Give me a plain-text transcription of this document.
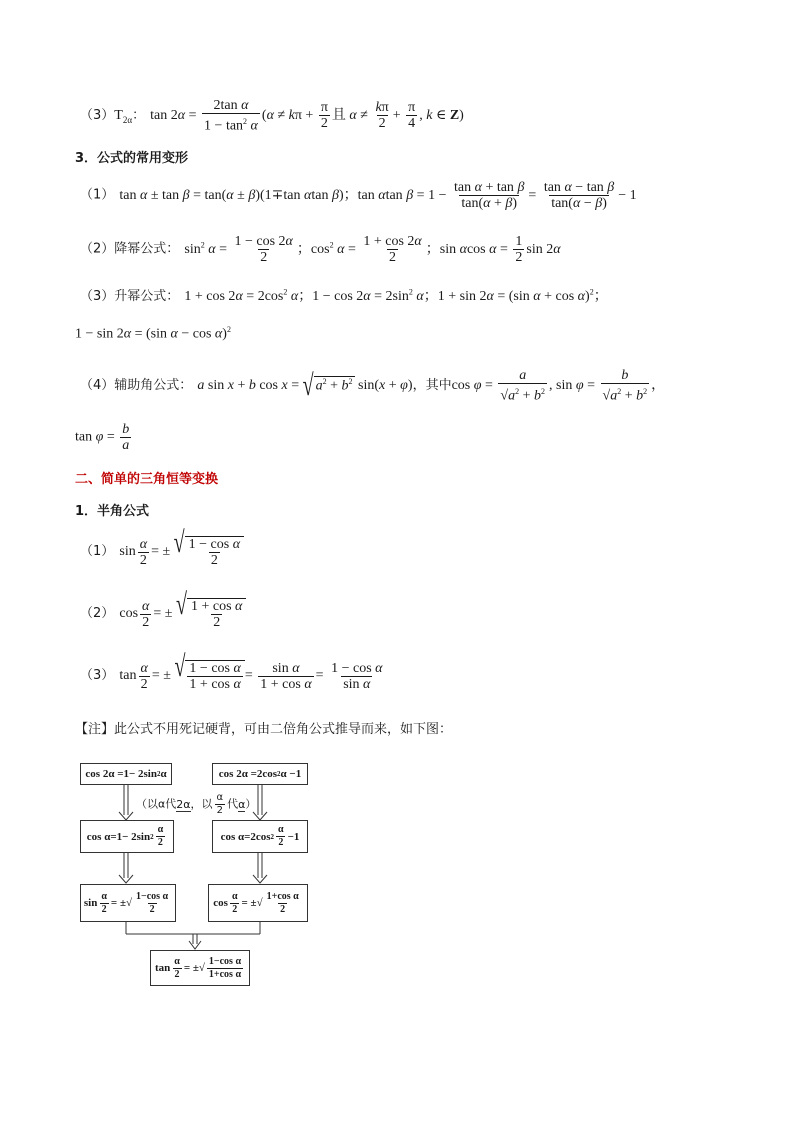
$(3)T_{2\alpha}$： $\tan 2\alpha = \frac{\text{2tan α}}{1 - \tan^2 \alpha} (\alpha \ne k\pi + \frac{\pi}{2}$ 且 $\alpha \ne \frac{k\pi}{2} + \frac{\pi}{4}$ , k ∈ Z)
3．公式的常用变形
（1） tan α ± tan β = tan(α ± β)(1∓tan αtan β)；tan αtan $\beta = 1 - \frac{\text{tan α + tan β}}{\tan(\alpha + \beta)} = \frac{\text{tan α − tan β}}{\tan(\alpha - \beta)} - 1$
（2）降幂公式： $\sin^2 \alpha = \frac{1 - \cos 2\alpha}{2}$ ；$\cos^2 \alpha = \frac{1 + \cos 2\alpha}{2}$ ；sin αcos $\alpha = \frac{1}{2}$ sin 2α
（3）升幂公式： $1 + \cos 2\alpha = 2\cos^2$ α；$1 - \cos 2\alpha = 2\sin^2$ α；1 + sin 2α = (sin α + cos α)$^2$；
1 − sin 2α = (sin α − cos α)$^2$
（4）辅助角公式： a sin x + b cos x = √ $a^2 + b^2$ sin(x + φ)，其中$\cos \varphi = \frac{a}{√a^2 + b^2}$ , $\sin \varphi = \frac{b}{√a^2 + b^2}$ ，
$\tan \varphi = \frac{b}{a}$
二、简单的三角恒等变换
1．半角公式
（1） $\sin \frac{\alpha}{2}$ = ± √ $\frac{\text{1 − cos α}}{2}$
（2） $\cos \frac{\alpha}{2}$ = ± √ $\frac{\text{1 + cos α}}{2}$
（3） $\tan \frac{\alpha}{2}$ = ± √ $\frac{\text{1 − cos α}}{\text{1 + cos α}} = \frac{\text{sin α}}{\text{1 + cos α}} = \frac{\text{1 − cos α}}{\text{sin α}}$
【注】此公式不用死记硬背，可由二倍角公式推导而来，如下图：
cos 2α =1− 2sin 2 α	cos 2α =2cos 2 α −1
（以α代2α，以 $\frac{\alpha}{2}$ 代α）
cos α=1− 2sin $2 \frac{\alpha}{2}$	cos α=2cos $2 \frac{\alpha}{2} -1$
$\sin \frac{\alpha}{2}$ = ±√ $\frac{\text{1−cos α}}{2}$	$\cos \frac{\alpha}{2}$ = ±√ $\frac{\text{1+cos α}}{2}$
$\tan \frac{\alpha}{2}$ = ±√ $\frac{\text{1−cos α}}{\text{1+cos α}}$
